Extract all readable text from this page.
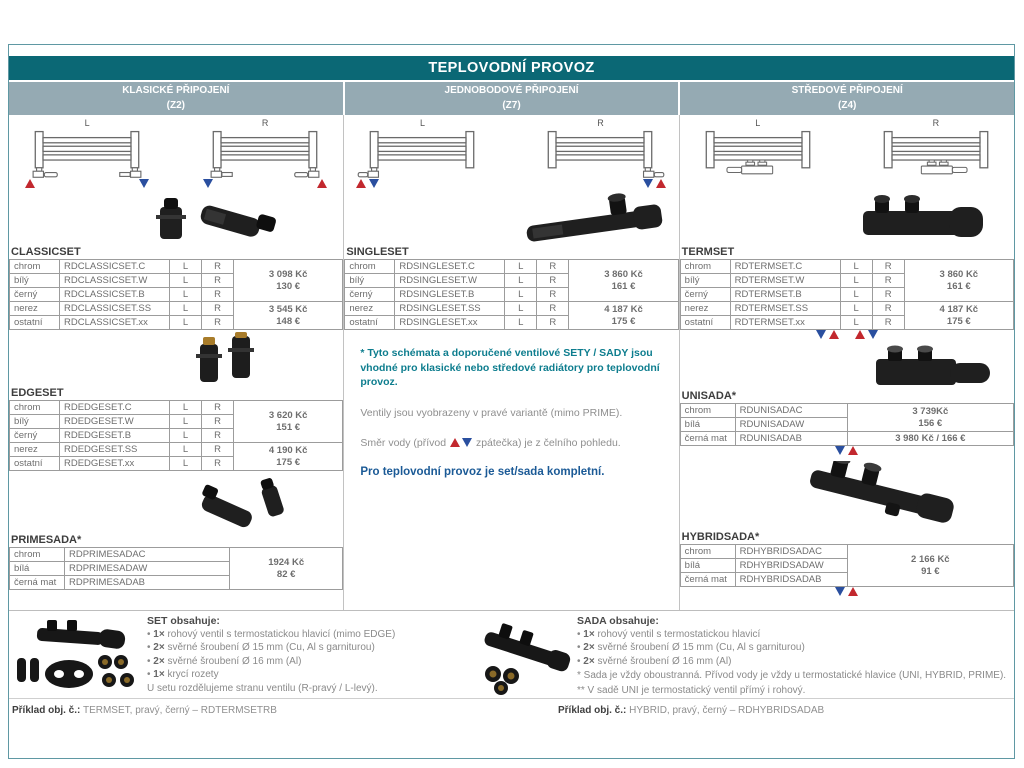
TEPLOVODNÍ PROVOZ
KLASICKÉ PŘIPOJENÍ
(Z2)
JEDNOBODOVÉ PŘIPOJENÍ
(Z7)
STŘEDOVÉ PŘIPOJENÍ
(Z4)
L	R
CLASSICSET
chrom	RDCLASSICSET.C	L	R	3 098 Kč
130 €

bílý	RDCLASSICSET.W	L	R	
černý	RDCLASSICSET.B	L	R	
nerez	RDCLASSICSET.SS	L	R	3 545 Kč
148 €

ostatní	RDCLASSICSET.xx	L	R	
EDGESET
chrom	RDEDGESET.C	L	R	3 620 Kč
151 €

bílý	RDEDGESET.W	L	R	
černý	RDEDGESET.B	L	R	
nerez	RDEDGESET.SS	L	R	4 190 Kč
175 €

ostatní	RDEDGESET.xx	L	R	
PRIMESADA*
chrom	RDPRIMESADAC	1924 Kč
82 €

bílá	RDPRIMESADAW	
černá mat	RDPRIMESADAB	
L	R
SINGLESET
chrom	RDSINGLESET.C	L	R	3 860 Kč
161 €

bílý	RDSINGLESET.W	L	R	
černý	RDSINGLESET.B	L	R	
nerez	RDSINGLESET.SS	L	R	4 187 Kč
175 €

ostatní	RDSINGLESET.xx	L	R	

* Tyto schémata a doporučené ventilové SETY / SADY jsou vhodné pro klasické nebo středové radiátory pro teplovodní provoz.

Ventily jsou vyobrazeny v pravé variantě (mimo PRIME).

Směr vody (přívod	zpátečka) je z čelního pohledu.

Pro teplovodní provoz je set/sada kompletní.

L	R
TERMSET
chrom	RDTERMSET.C	L	R	3 860 Kč
161 €

bílý	RDTERMSET.W	L	R	
černý	RDTERMSET.B	L	R	
nerez	RDTERMSET.SS	L	R	4 187 Kč
175 €

ostatní	RDTERMSET.xx	L	R	
UNISADA*
chrom	RDUNISADAC	3 739Kč
156 €

bílá	RDUNISADAW	
černá mat	RDUNISADAB	3 980 Kč / 166 €
HYBRIDSADA*
chrom	RDHYBRIDSADAC	2 166 Kč
91 €

bílá	RDHYBRIDSADAW	
černá mat	RDHYBRIDSADAB	
SET obsahuje:
• 1× rohový ventil s termostatickou hlavicí (mimo EDGE)
• 2× svěrné šroubení Ø 15 mm (Cu, Al s garniturou)
• 2× svěrné šroubení Ø 16 mm (Al)
• 1× krycí rozety
U setu rozdělujeme stranu ventilu (R-pravý / L-levý).
SADA obsahuje:
• 1× rohový ventil s termostatickou hlavicí
• 2× svěrné šroubení Ø 15 mm (Cu, Al s garniturou)
• 2× svěrné šroubení Ø 16 mm (Al)
* Sada je vždy oboustranná. Přívod vody je vždy u termostatické hlavice (UNI, HYBRID, PRIME).
** V sadě UNI je termostatický ventil přímý i rohový.
Příklad obj. č.: TERMSET, pravý, černý – RDTERMSETRB	Příklad obj. č.: HYBRID, pravý, černý – RDHYBRIDSADAB
